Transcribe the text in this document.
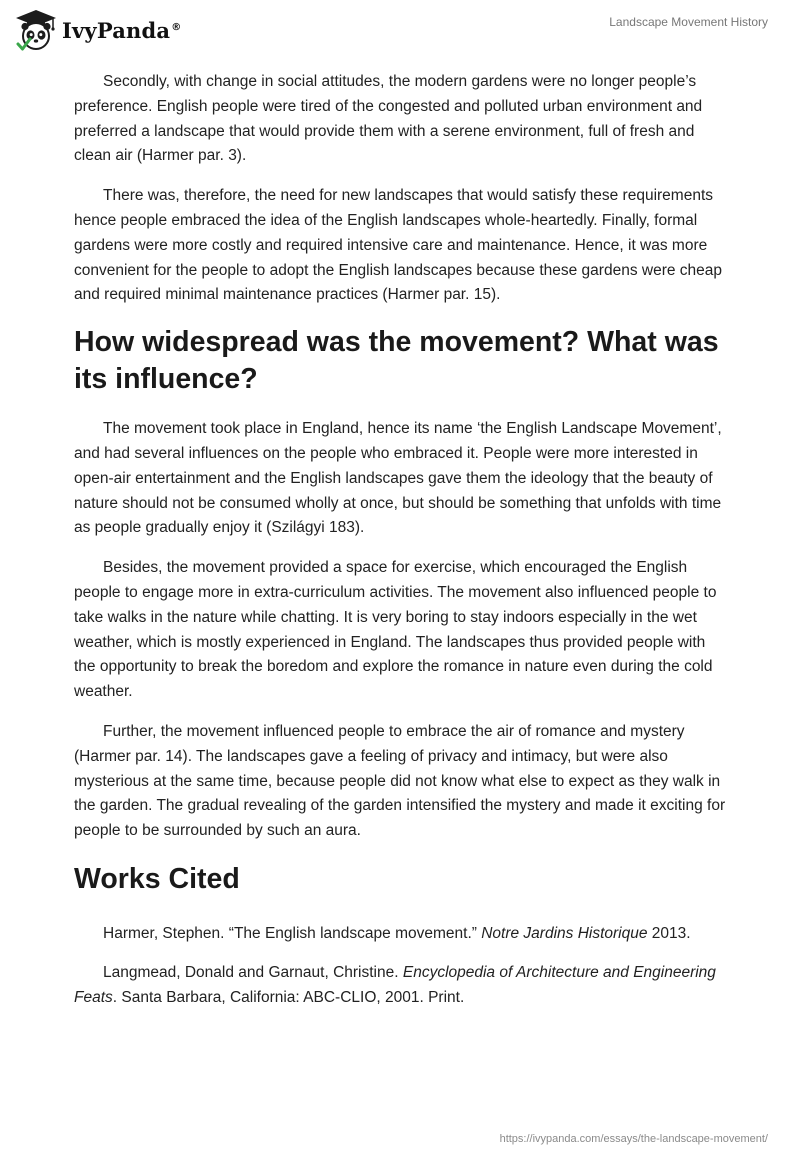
IvyPanda®	Landscape Movement History

Secondly, with change in social attitudes, the modern gardens were no longer people’s preference. English people were tired of the congested and polluted urban environment and preferred a landscape that would provide them with a serene environment, full of fresh and clean air (Harmer par. 3).

There was, therefore, the need for new landscapes that would satisfy these requirements hence people embraced the idea of the English landscapes whole-heartedly. Finally, formal gardens were more costly and required intensive care and maintenance. Hence, it was more convenient for the people to adopt the English landscapes because these gardens were cheap and required minimal maintenance practices (Harmer par. 15).

How widespread was the movement? What was its influence?

The movement took place in England, hence its name ‘the English Landscape Movement’, and had several influences on the people who embraced it. People were more interested in open-air entertainment and the English landscapes gave them the ideology that the beauty of nature should not be consumed wholly at once, but should be something that unfolds with time as people gradually enjoy it (Szilágyi 183).

Besides, the movement provided a space for exercise, which encouraged the English people to engage more in extra-curriculum activities. The movement also influenced people to take walks in the nature while chatting. It is very boring to stay indoors especially in the wet weather, which is mostly experienced in England. The landscapes thus provided people with the opportunity to break the boredom and explore the romance in nature even during the cold weather.

Further, the movement influenced people to embrace the air of romance and mystery (Harmer par. 14). The landscapes gave a feeling of privacy and intimacy, but were also mysterious at the same time, because people did not know what else to expect as they walk in the garden. The gradual revealing of the garden intensified the mystery and made it exciting for people to be surrounded by such an aura.

Works Cited

Harmer, Stephen. “The English landscape movement.” Notre Jardins Historique 2013.

Langmead, Donald and Garnaut, Christine. Encyclopedia of Architecture and Engineering Feats. Santa Barbara, California: ABC-CLIO, 2001. Print.

https://ivypanda.com/essays/the-landscape-movement/
